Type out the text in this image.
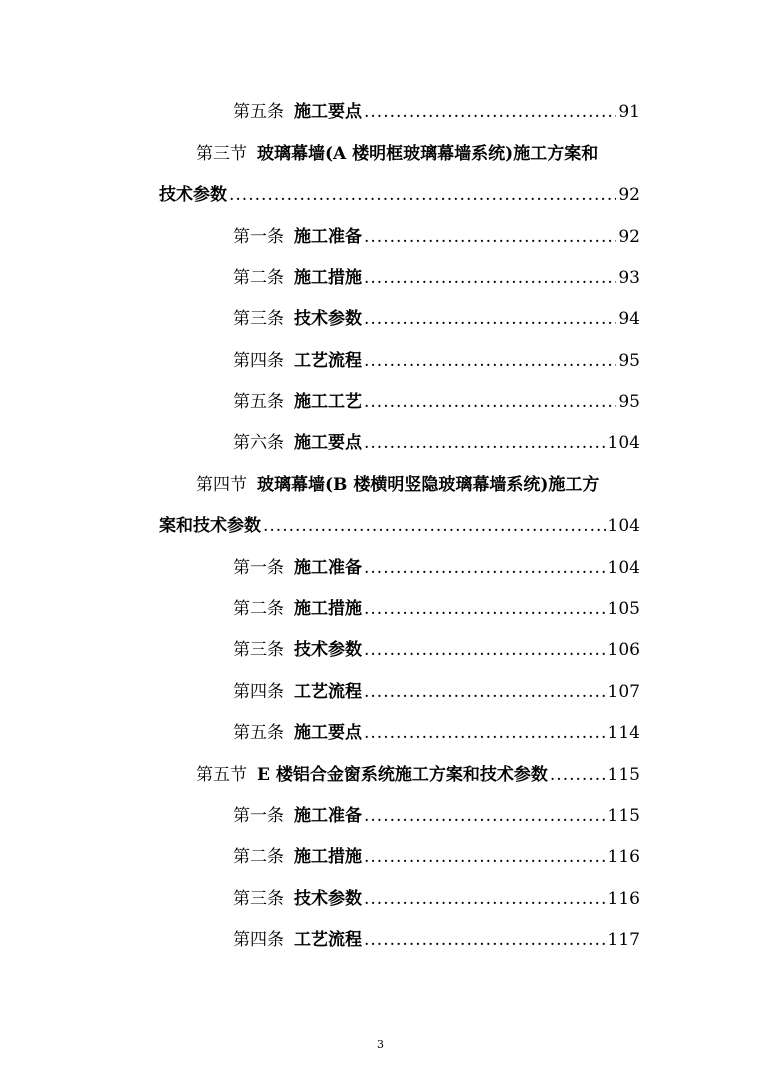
第五条 施工要点 .....	91
第三节 玻璃幕墙(A 楼明框玻璃幕墙系统)施工方案和
技术参数 .....	92
第一条 施工准备 .....	92
第二条 施工措施 .....	93
第三条 技术参数 .....	94
第四条 工艺流程 .....	95
第五条 施工工艺 .....	95
第六条 施工要点 .....	104
第四节 玻璃幕墙(B 楼横明竖隐玻璃幕墙系统)施工方
案和技术参数 .....	104
第一条 施工准备 .....	104
第二条 施工措施 .....	105
第三条 技术参数 .....	106
第四条 工艺流程 .....	107
第五条 施工要点 .....	114
第五节 E 楼铝合金窗系统施工方案和技术参数 .....	115
第一条 施工准备 .....	115
第二条 施工措施 .....	116
第三条 技术参数 .....	116
第四条 工艺流程 .....	117
3
